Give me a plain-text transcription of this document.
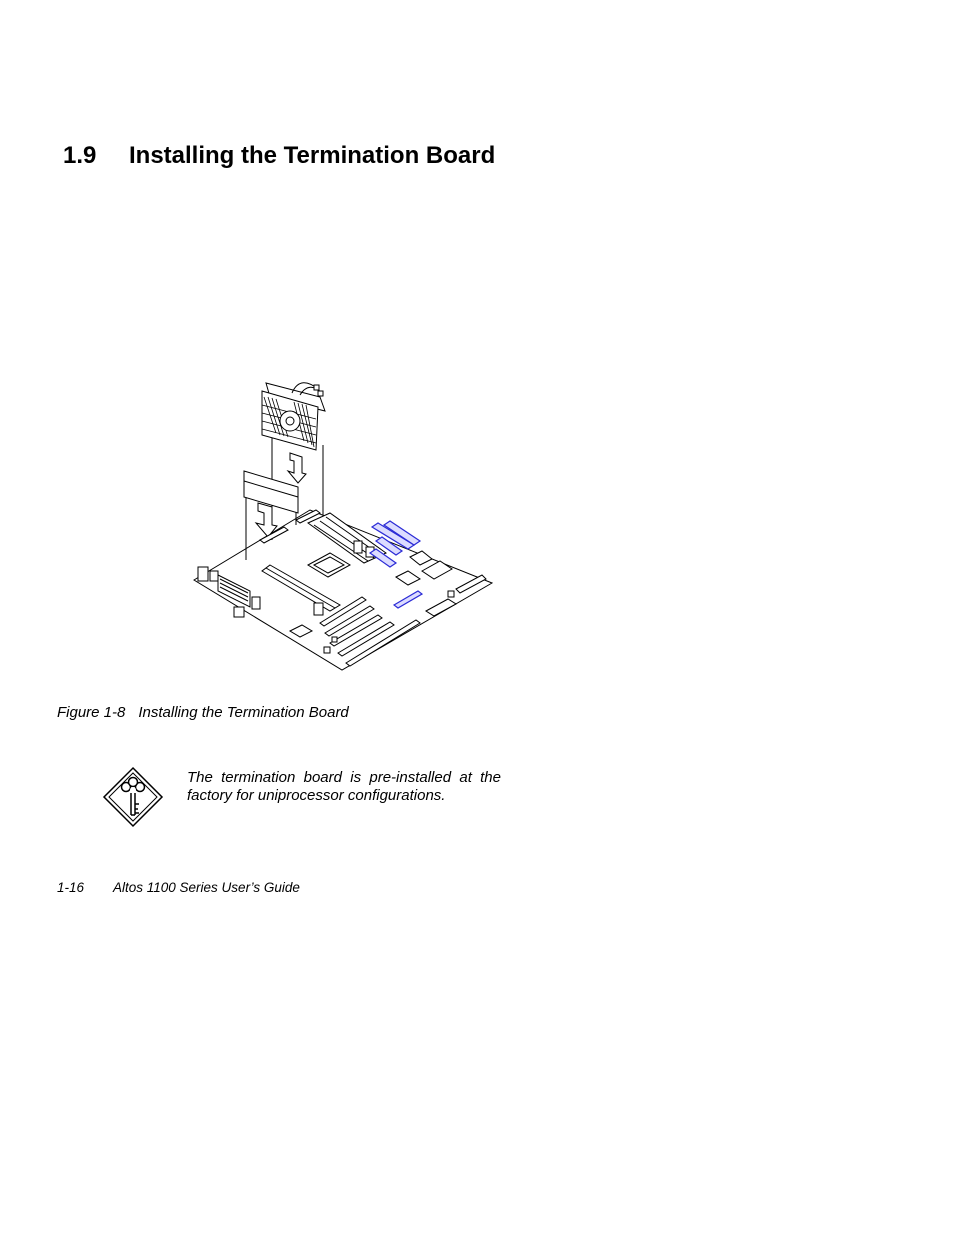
1.9 Installing the Termination Board

Figure 1-8 Installing the Termination Board

The termination board is pre-installed at the factory for uniprocessor configurations.

1-16 Altos 1100 Series User’s Guide
